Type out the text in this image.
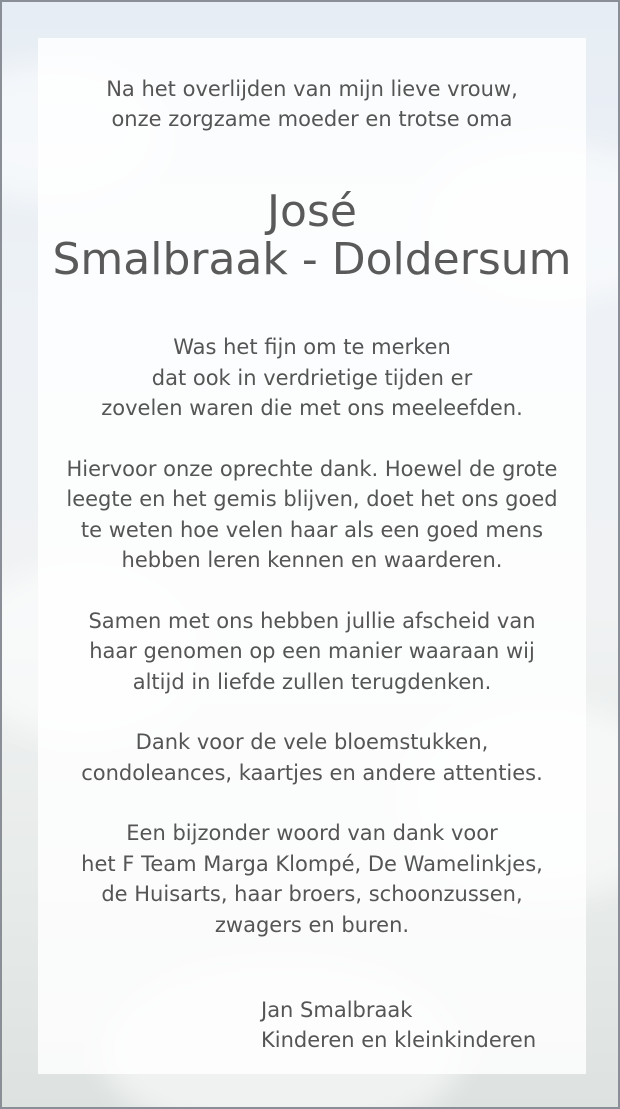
Na het overlijden van mijn lieve vrouw,
onze zorgzame moeder en trotse oma
José
Smalbraak - Doldersum
Was het fijn om te merken
dat ook in verdrietige tijden er
zovelen waren die met ons meeleefden.
Hiervoor onze oprechte dank. Hoewel de grote
leegte en het gemis blijven, doet het ons goed
te weten hoe velen haar als een goed mens
hebben leren kennen en waarderen.
Samen met ons hebben jullie afscheid van
haar genomen op een manier waaraan wij
altijd in liefde zullen terugdenken.
Dank voor de vele bloemstukken,
condoleances, kaartjes en andere attenties.
Een bijzonder woord van dank voor
het F Team Marga Klompé, De Wamelinkjes,
de Huisarts, haar broers, schoonzussen,
zwagers en buren.
Jan Smalbraak
Kinderen en kleinkinderen
